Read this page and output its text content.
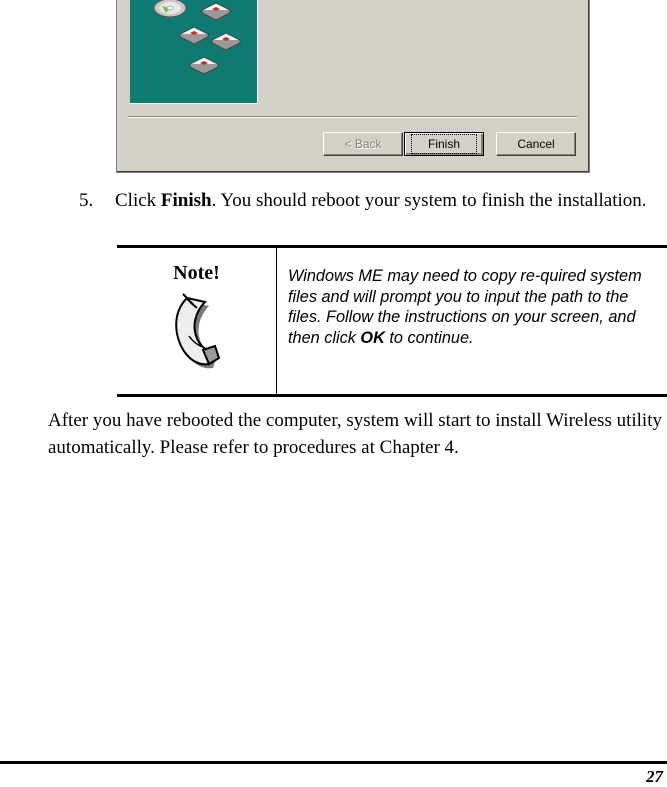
< Back	Finish	Cancel
5. Click Finish. You should reboot your system to finish the installation.
Note!	Windows ME may need to copy re-quired system files and will prompt you to input the path to the files. Follow the instructions on your screen, and then click OK to continue.

After you have rebooted the computer, system will start to install Wireless utility automatically. Please refer to procedures at Chapter 4.

27
